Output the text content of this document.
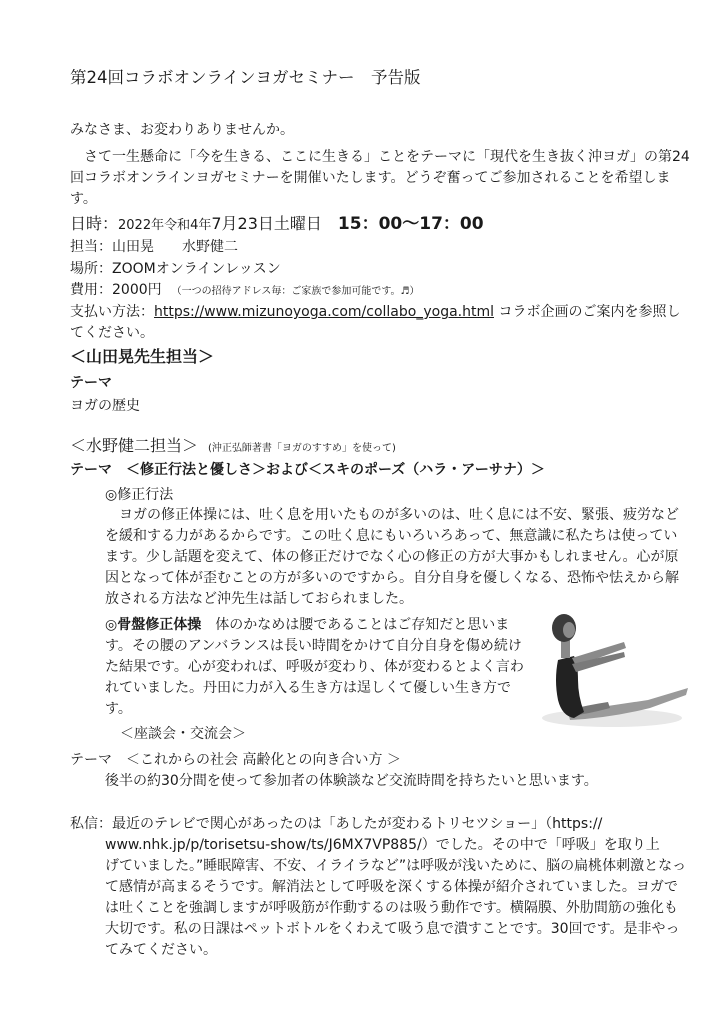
第24回コラボオンラインヨガセミナー　予告版
みなさま、お変わりありませんか。
　さて一生懸命に「今を生きる、ここに生きる」ことをテーマに「現代を生き抜く沖ヨガ」の第24
回コラボオンラインヨガセミナーを開催いたします。どうぞ奮ってご参加されることを希望しま
す。
日時：2022年令和4年7月23日土曜日 15：00〜17：00
担当：山田晃　　水野健二
場所：ZOOMオンラインレッスン
費用：2000円 （一つの招待アドレス毎：ご家族で参加可能です。♬）
支払い方法：https://www.mizunoyoga.com/collabo_yoga.html コラボ企画のご案内を参照し
てください。
＜山田晃先生担当＞
テーマ
ヨガの歴史
＜水野健二担当＞ (沖正弘師著書「ヨガのすすめ」を使って)
テーマ　＜修正行法と優しさ＞および＜スキのポーズ（ハラ・アーサナ）＞
◎修正行法
　ヨガの修正体操には、吐く息を用いたものが多いのは、吐く息には不安、緊張、疲労など
を緩和する力があるからです。この吐く息にもいろいろあって、無意識に私たちは使ってい
ます。少し話題を変えて、体の修正だけでなく心の修正の方が大事かもしれません。心が原
因となって体が歪むことの方が多いのですから。自分自身を優しくなる、恐怖や怯えから解
放される方法など沖先生は話しておられました。
◎骨盤修正体操　体のかなめは腰であることはご存知だと思いま
す。その腰のアンバランスは長い時間をかけて自分自身を傷め続け
た結果です。心が変われば、呼吸が変わり、体が変わるとよく言わ
れていました。丹田に力が入る生き方は逞しくて優しい生き方で
す。
＜座談会・交流会＞
テーマ　＜これからの社会 高齢化との向き合い方 ＞
後半の約30分間を使って参加者の体験談など交流時間を持ちたいと思います。
私信：最近のテレビで関心があったのは「あしたが変わるトリセツショー」（https://
www.nhk.jp/p/torisetsu-show/ts/J6MX7VP885/）でした。その中で「呼吸」を取り上
げていました。”睡眠障害、不安、イライラなど”は呼吸が浅いために、脳の扁桃体刺激となっ
て感情が高まるそうです。解消法として呼吸を深くする体操が紹介されていました。ヨガで
は吐くことを強調しますが呼吸筋が作動するのは吸う動作です。横隔膜、外肋間筋の強化も
大切です。私の日課はペットボトルをくわえて吸う息で潰すことです。30回です。是非やっ
てみてください。
